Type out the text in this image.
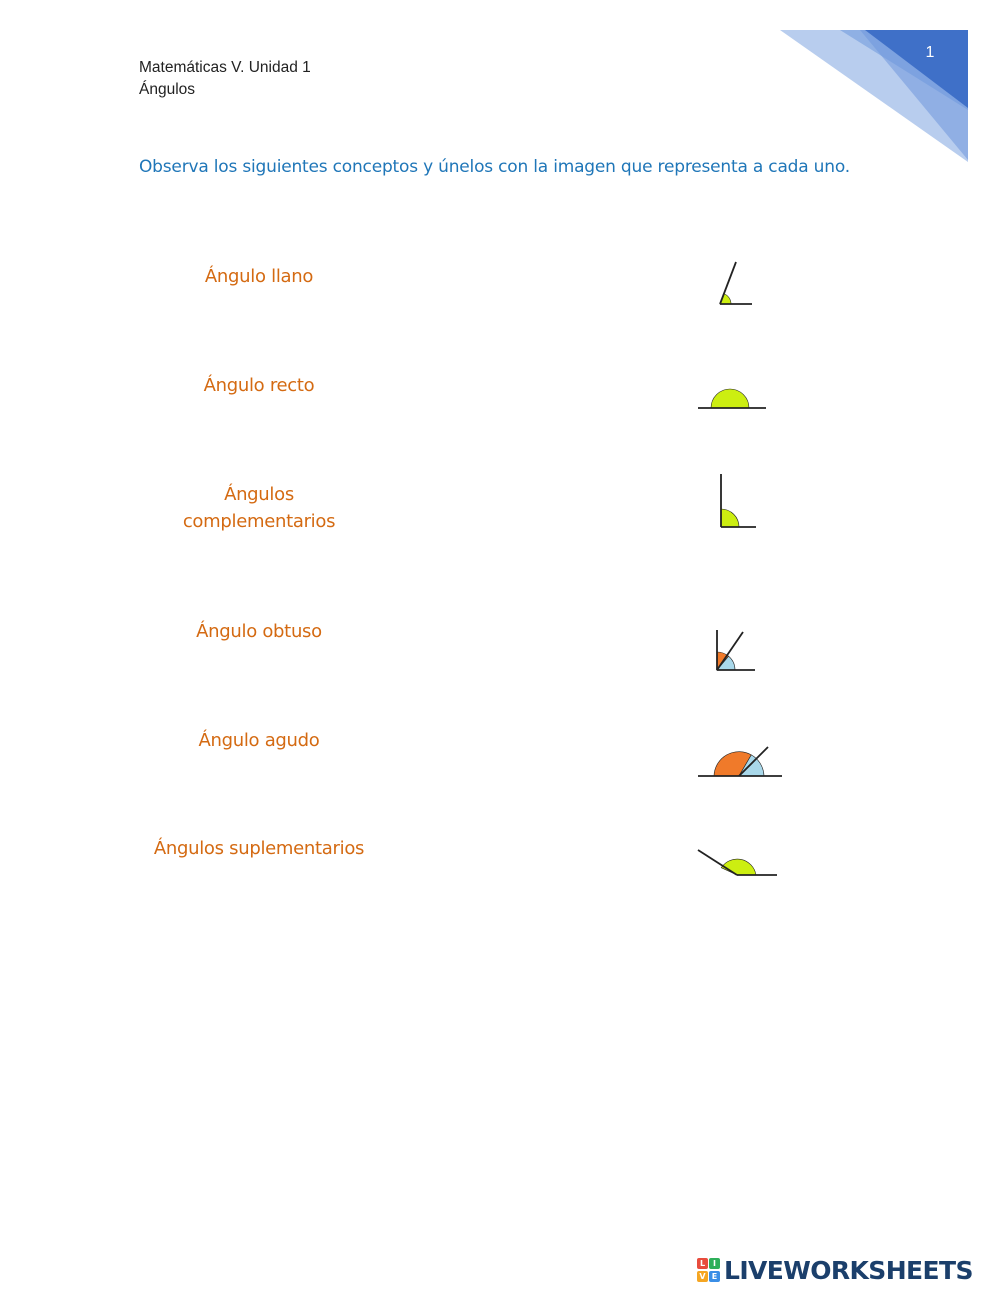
1
Matemáticas V. Unidad 1
Ángulos
Observa los siguientes conceptos y únelos con la imagen que representa a cada uno.
Ángulo llano
Ángulo recto
Ángulos
complementarios
Ángulo obtuso
Ángulo agudo
Ángulos suplementarios
L I
V E LIVEWORKSHEETS
